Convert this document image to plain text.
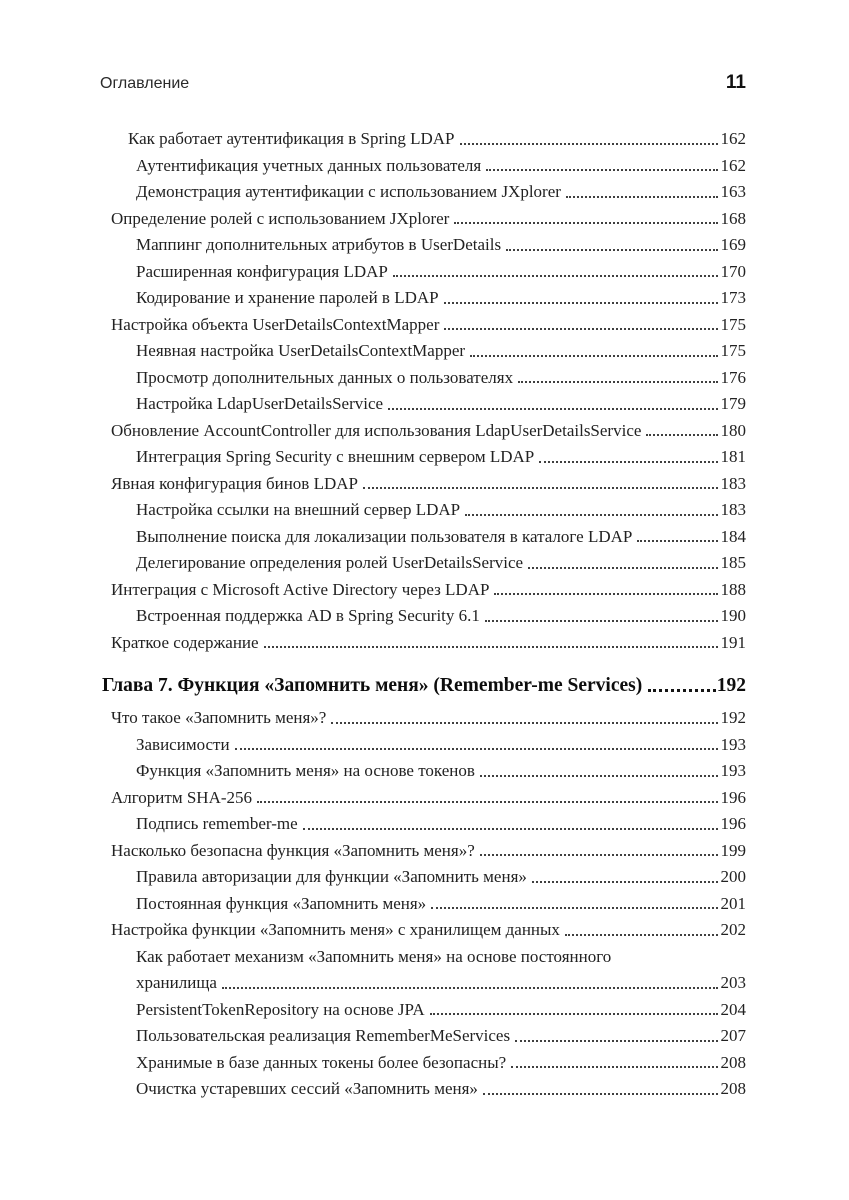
Оглавление	11
Как работает аутентификация в Spring LDAP	162
Аутентификация учетных данных пользователя	162
Демонстрация аутентификации с использованием JXplorer	163
Определение ролей с использованием JXplorer	168
Маппинг дополнительных атрибутов в UserDetails	169
Расширенная конфигурация LDAP	170
Кодирование и хранение паролей в LDAP	173
Настройка объекта UserDetailsContextMapper	175
Неявная настройка UserDetailsContextMapper	175
Просмотр дополнительных данных о пользователях	176
Настройка LdapUserDetailsService	179
Обновление AccountController для использования LdapUserDetailsService	180
Интеграция Spring Security с внешним сервером LDAP	181
Явная конфигурация бинов LDAP	183
Настройка ссылки на внешний сервер LDAP	183
Выполнение поиска для локализации пользователя в каталоге LDAP	184
Делегирование определения ролей UserDetailsService	185
Интеграция с Microsoft Active Directory через LDAP	188
Встроенная поддержка AD в Spring Security 6.1	190
Краткое содержание	191
Глава 7. Функция «Запомнить меня» (Remember-me Services)	192
Что такое «Запомнить меня»?	192
Зависимости	193
Функция «Запомнить меня» на основе токенов	193
Алгоритм SHA-256	196
Подпись remember-me	196
Насколько безопасна функция «Запомнить меня»?	199
Правила авторизации для функции «Запомнить меня»	200
Постоянная функция «Запомнить меня»	201
Настройка функции «Запомнить меня» с хранилищем данных	202
Как работает механизм «Запомнить меня» на основе постоянного
хранилища	203
PersistentTokenRepository на основе JPA	204
Пользовательская реализация RememberMeServices	207
Хранимые в базе данных токены более безопасны?	208
Очистка устаревших сессий «Запомнить меня»	208
